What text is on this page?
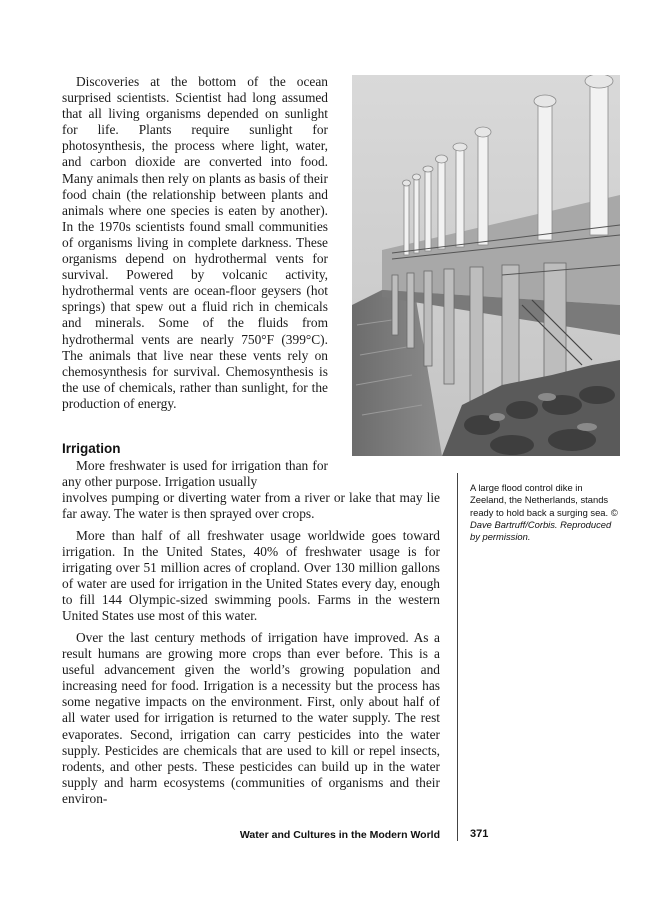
Discoveries at the bottom of the ocean surprised scientists. Scientist had long assumed that all living organisms depended on sunlight for life. Plants require sunlight for photosynthesis, the process where light, water, and carbon dioxide are converted into food. Many animals then rely on plants as basis of their food chain (the relationship between plants and animals where one species is eaten by another). In the 1970s scientists found small communities of organisms living in complete darkness. These organisms depend on hydrothermal vents for survival. Powered by volcanic activity, hydrothermal vents are ocean-floor geysers (hot springs) that spew out a fluid rich in chemicals and minerals. Some of the fluids from hydrothermal vents are nearly 750°F (399°C). The animals that live near these vents rely on chemosynthesis for survival. Chemosynthesis is the use of chemicals, rather than sunlight, for the production of energy.

Irrigation

More freshwater is used for irrigation than for any other purpose. Irrigation usually

involves pumping or diverting water from a river or lake that may lie far away. The water is then sprayed over crops.

More than half of all freshwater usage worldwide goes toward irrigation. In the United States, 40% of freshwater usage is for irrigating over 51 million acres of cropland. Over 130 million gallons of water are used for irrigation in the United States every day, enough to fill 144 Olympic-sized swimming pools. Farms in the western United States use most of this water.

Over the last century methods of irrigation have improved. As a result humans are growing more crops than ever before. This is a useful advancement given the world’s growing population and increasing need for food. Irrigation is a necessity but the process has some negative impacts on the environment. First, only about half of all water used for irrigation is returned to the water supply. The rest evaporates. Second, irrigation can carry pesticides into the water supply. Pesticides are chemicals that are used to kill or repel insects, rodents, and other pests. These pesticides can build up in the water supply and harm ecosystems (communities of organisms and their environ-

A large flood control dike in Zeeland, the Netherlands, stands ready to hold back a surging sea. © Dave Bartruff/Corbis. Reproduced by permission.

Water and Cultures in the Modern World	371
